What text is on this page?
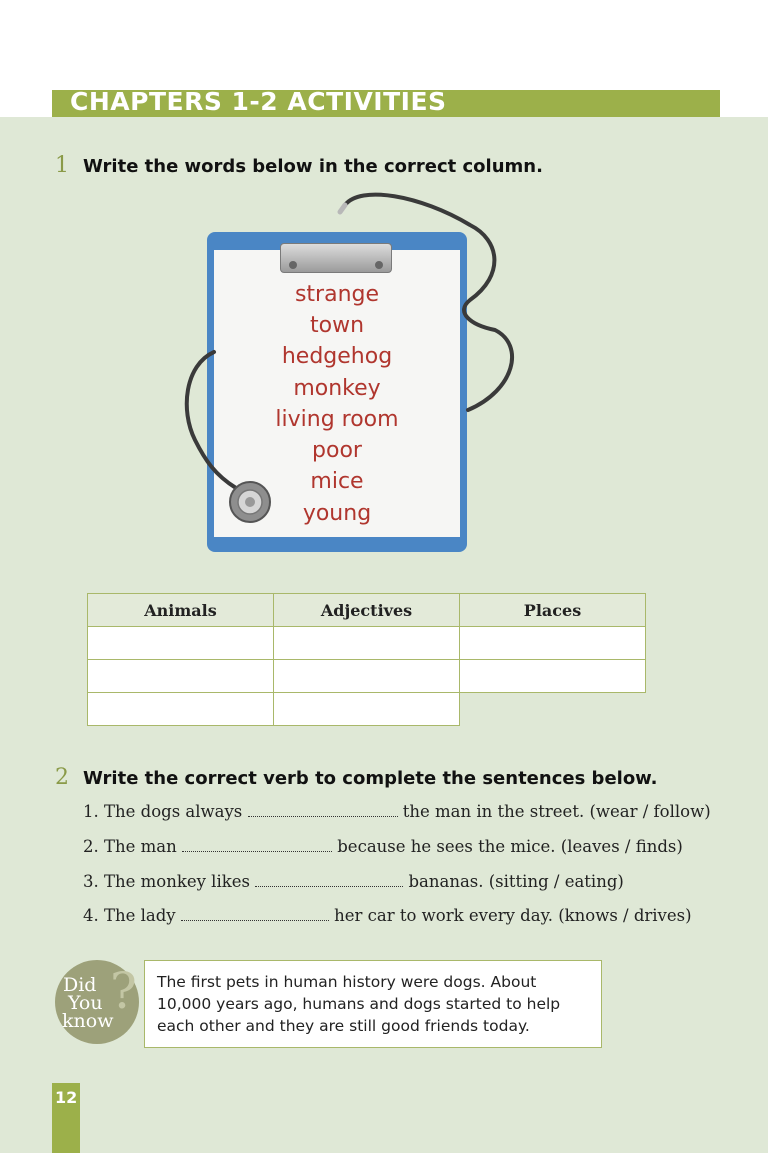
CHAPTERS 1-2 ACTIVITIES
1 Write the words below in the correct column.
strange
town
hedgehog
monkey
living room
poor
mice
young
Animals	Adjectives	Places

2 Write the correct verb to complete the sentences below.
1. The dogs always	the man in the street. (wear / follow)
2. The man	because he sees the mice. (leaves / finds)
3. The monkey likes	bananas. (sitting / eating)
4. The lady	her car to work every day. (knows / drives)
?
Did
You
know
The first pets in human history were dogs. About
10,000 years ago, humans and dogs started to help
each other and they are still good friends today.
12
